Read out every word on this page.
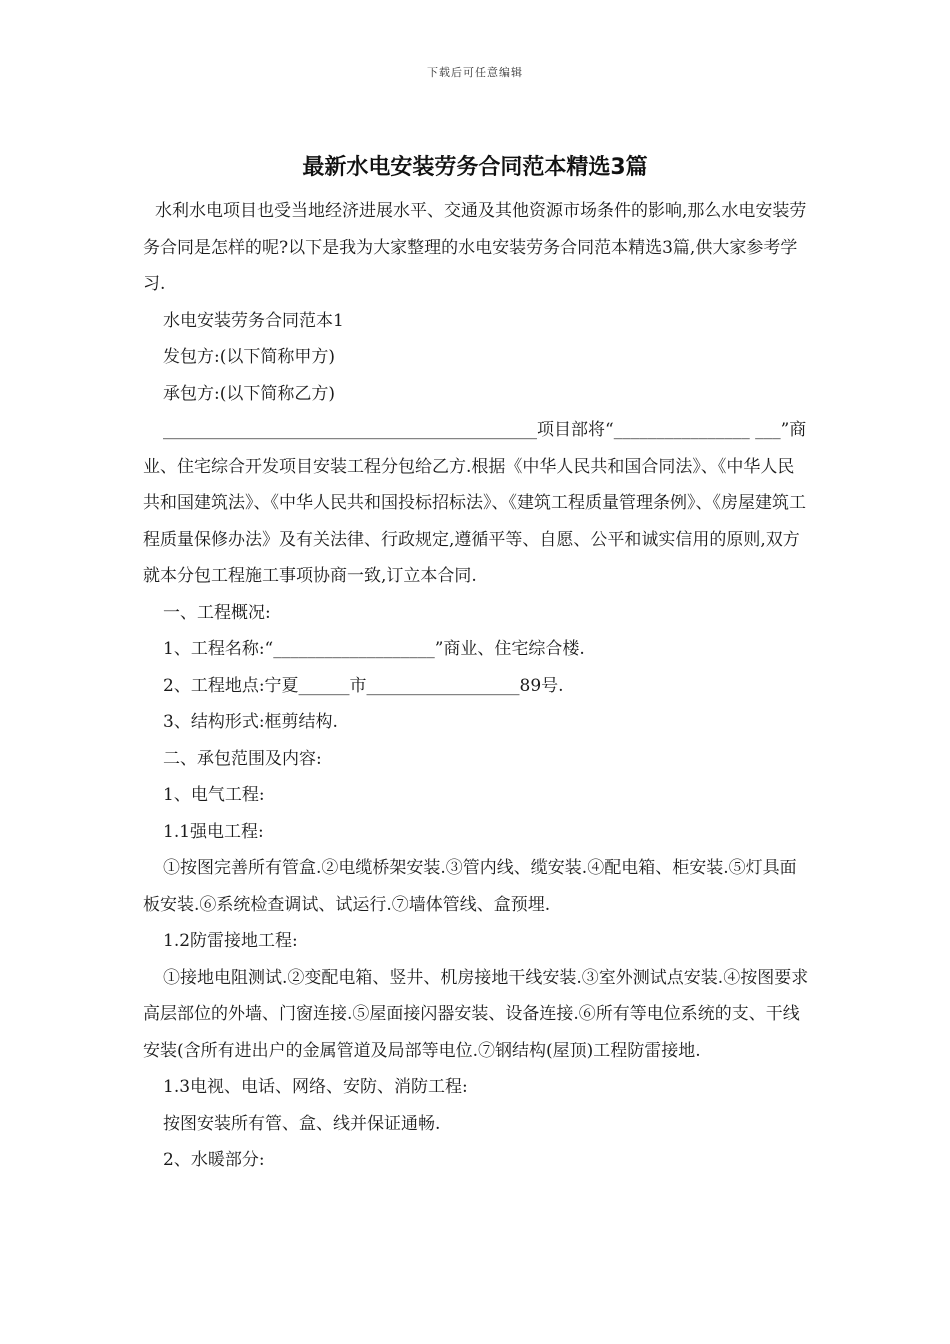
下载后可任意编辑
最新水电安装劳务合同范本精选3篇

水利水电项目也受当地经济进展水平、交通及其他资源市场条件的影响,那么水电安装劳务合同是怎样的呢?以下是我为大家整理的水电安装劳务合同范本精选3篇,供大家参考学习.

水电安装劳务合同范本1

发包方:(以下简称甲方)

承包方:(以下简称乙方)

____________________________________________项目部将“________________ ___”商业、住宅综合开发项目安装工程分包给乙方.根据《中华人民共和国合同法》、《中华人民共和国建筑法》、《中华人民共和国投标招标法》、《建筑工程质量管理条例》、《房屋建筑工程质量保修办法》及有关法律、行政规定,遵循平等、自愿、公平和诚实信用的原则,双方就本分包工程施工事项协商一致,订立本合同.

一、工程概况:

1、工程名称:“___________________”商业、住宅综合楼.

2、工程地点:宁夏______市__________________89号.

3、结构形式:框剪结构.

二、承包范围及内容:

1、电气工程:

1.1强电工程:

①按图完善所有管盒.②电缆桥架安装.③管内线、缆安装.④配电箱、柜安装.⑤灯具面板安装.⑥系统检查调试、试运行.⑦墙体管线、盒预埋.

1.2防雷接地工程:

①接地电阻测试.②变配电箱、竖井、机房接地干线安装.③室外测试点安装.④按图要求高层部位的外墙、门窗连接.⑤屋面接闪器安装、设备连接.⑥所有等电位系统的支、干线安装(含所有进出户的金属管道及局部等电位.⑦钢结构(屋顶)工程防雷接地.

1.3电视、电话、网络、安防、消防工程:

按图安装所有管、盒、线并保证通畅.

2、水暖部分:
